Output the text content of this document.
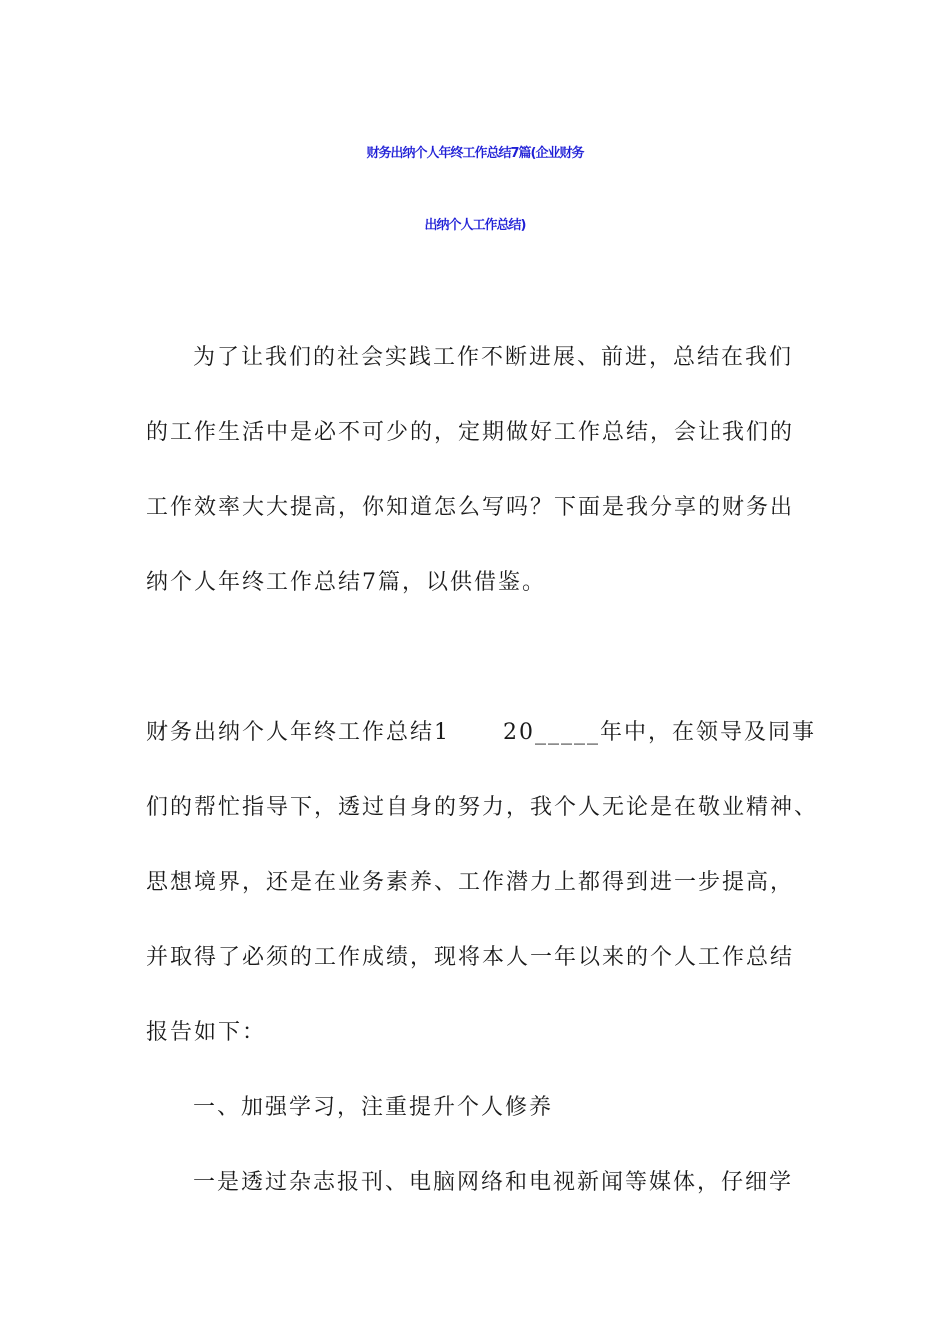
财务出纳个人年终工作总结7篇(企业财务
出纳个人工作总结)
为了让我们的社会实践工作不断进展、前进，总结在我们
的工作生活中是必不可少的，定期做好工作总结，会让我们的
工作效率大大提高，你知道怎么写吗？下面是我分享的财务出
纳个人年终工作总结7篇，以供借鉴。
财务出纳个人年终工作总结1 20_____年中，在领导及同事
们的帮忙指导下，透过自身的努力，我个人无论是在敬业精神、
思想境界，还是在业务素养、工作潜力上都得到进一步提高，
并取得了必须的工作成绩，现将本人一年以来的个人工作总结
报告如下：
一、加强学习，注重提升个人修养
一是透过杂志报刊、电脑网络和电视新闻等媒体，仔细学
